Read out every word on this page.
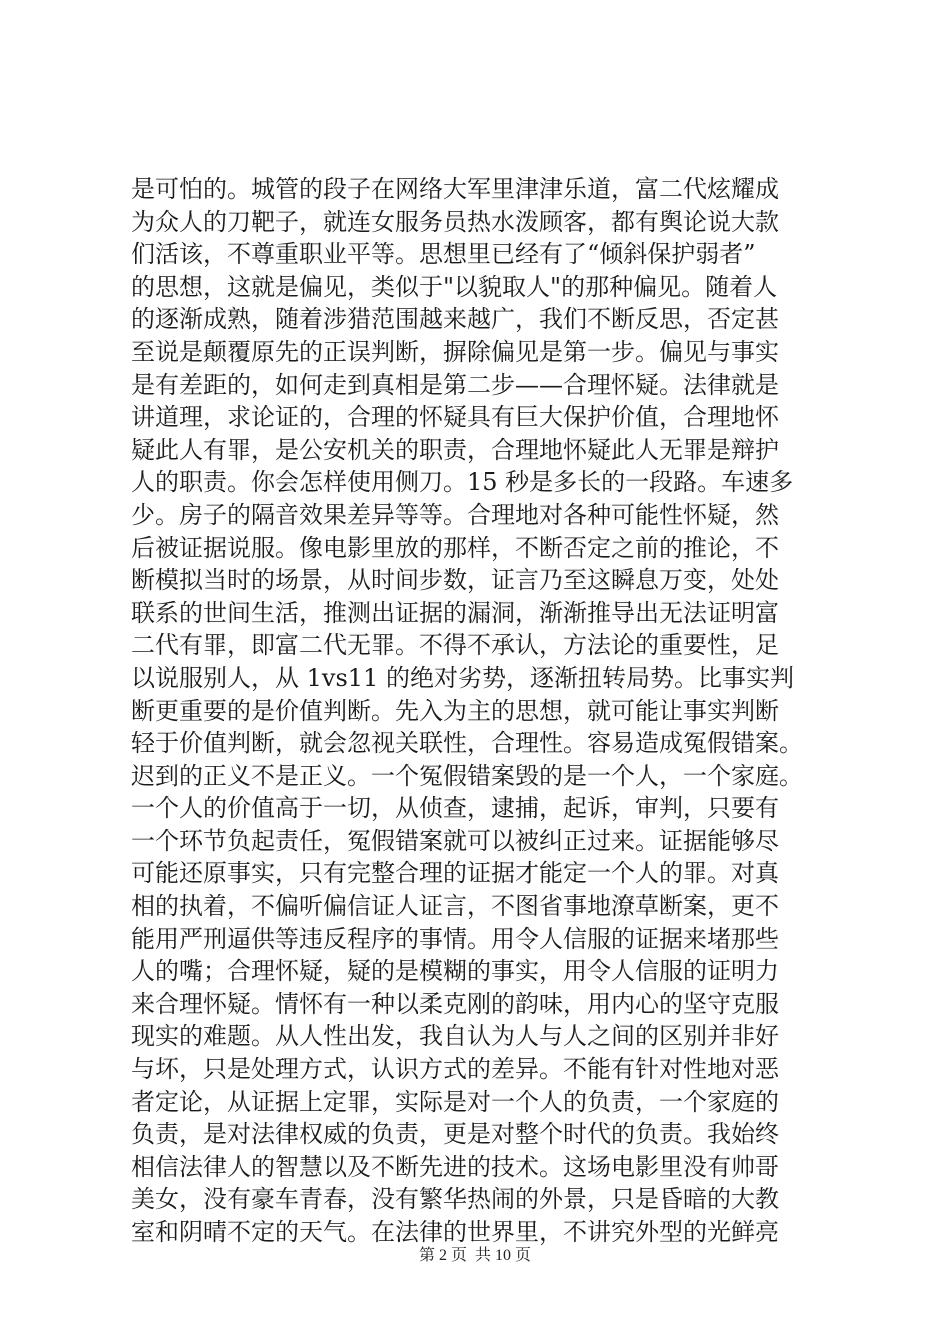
是可怕的。城管的段子在网络大军里津津乐道，富二代炫耀成
为众人的刀靶子，就连女服务员热水泼顾客，都有舆论说大款
们活该，不尊重职业平等。思想里已经有了“倾斜保护弱者”
的思想，这就是偏见，类似于"以貌取人"的那种偏见。随着人
的逐渐成熟，随着涉猎范围越来越广，我们不断反思，否定甚
至说是颠覆原先的正误判断，摒除偏见是第一步。偏见与事实
是有差距的，如何走到真相是第二步——合理怀疑。法律就是
讲道理，求论证的，合理的怀疑具有巨大保护价值，合理地怀
疑此人有罪，是公安机关的职责，合理地怀疑此人无罪是辩护
人的职责。你会怎样使用侧刀。15 秒是多长的一段路。车速多
少。房子的隔音效果差异等等。合理地对各种可能性怀疑，然
后被证据说服。像电影里放的那样，不断否定之前的推论，不
断模拟当时的场景，从时间步数，证言乃至这瞬息万变，处处
联系的世间生活，推测出证据的漏洞，渐渐推导出无法证明富
二代有罪，即富二代无罪。不得不承认，方法论的重要性，足
以说服别人，从 1vs11 的绝对劣势，逐渐扭转局势。比事实判
断更重要的是价值判断。先入为主的思想，就可能让事实判断
轻于价值判断，就会忽视关联性，合理性。容易造成冤假错案。
迟到的正义不是正义。一个冤假错案毁的是一个人，一个家庭。
一个人的价值高于一切，从侦查，逮捕，起诉，审判，只要有
一个环节负起责任，冤假错案就可以被纠正过来。证据能够尽
可能还原事实，只有完整合理的证据才能定一个人的罪。对真
相的执着，不偏听偏信证人证言，不图省事地潦草断案，更不
能用严刑逼供等违反程序的事情。用令人信服的证据来堵那些
人的嘴；合理怀疑，疑的是模糊的事实，用令人信服的证明力
来合理怀疑。情怀有一种以柔克刚的韵味，用内心的坚守克服
现实的难题。从人性出发，我自认为人与人之间的区别并非好
与坏，只是处理方式，认识方式的差异。不能有针对性地对恶
者定论，从证据上定罪，实际是对一个人的负责，一个家庭的
负责，是对法律权威的负责，更是对整个时代的负责。我始终
相信法律人的智慧以及不断先进的技术。这场电影里没有帅哥
美女，没有豪车青春，没有繁华热闹的外景，只是昏暗的大教
室和阴晴不定的天气。在法律的世界里，不讲究外型的光鲜亮
第 2 页  共 10 页
